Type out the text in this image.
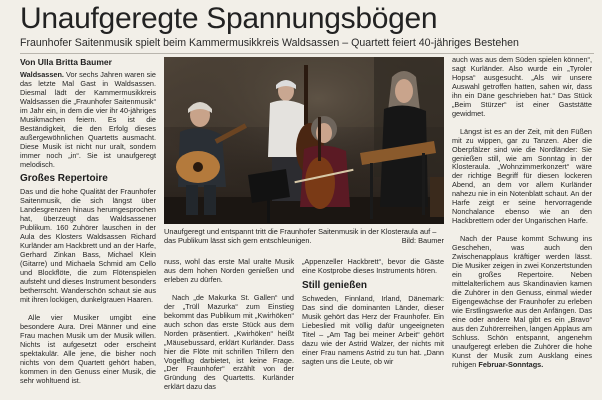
Unaufgeregte Spannungsbögen
Fraunhofer Saitenmusik spielt beim Kammermusikkreis Waldsassen – Quartett feiert 40-jähriges Bestehen
Von Ulla Britta Baumer

Waldsassen. Vor sechs Jahren waren sie das letzte Mal Gast in Waldsassen. Diesmal lädt der Kammermusikkreis Waldsassen die „Fraunhofer Saitenmusik“ im Jahr ein, in dem die vier ihr 40-jähriges Musikmachen feiern. Es ist die Beständigkeit, die den Erfolg dieses außergewöhnlichen Quartetts ausmacht. Diese Musik ist nicht nur uralt, sondern immer noch „in“. Sie ist unaufgeregt melodisch.

Großes Repertoire

Das und die hohe Qualität der Fraunhofer Saitenmusik, die sich längst über Landesgrenzen hinaus herumgesprochen hat, überzeugt das Waldsassener Publikum. 160 Zuhörer lauschen in der Aula des Klosters Waldsassen Richard Kurländer am Hackbrett und an der Harfe, Gerhard Zinkan Bass, Michael Klein (Gitarre) und Michaela Schmid am Cello und Blockflöte, die zum Flötenspielen aufsteht und dieses Instrument besonders betherrscht. Wanderschön schaut sie aus mit ihren lockigen, dunkelgrauen Haaren.

Alle vier Musiker umgibt eine besondere Aura. Drei Männer und eine Frau machen Musik um der Musik willen. Nichts ist aufgesetzt oder erscheint spektakulär. Alle jene, die bisher noch nichts von dem Quartett gehört haben, kommen in den Genuss einer Musik, die sehr wohltuend ist.

Unaufgeregt und entspannt tritt die Fraunhofer Saitenmusik in der Klosteraula auf – das Publikum lässt sich gern entschleunigen.	Bild: Baumer

nuss, wohl das erste Mal uralte Musik aus dem hohen Norden genießen und erleben zu dürfen.

Nach „de Makurka St. Gallen“ und der „Trüll Mazurka“ zum Einstieg bekommt das Publikum mit „Kwirhöken“ auch schon das erste Stück aus dem Norden präsentiert. „Kwirhöken“ heißt „Mäusebussard, erklärt Kurländer. Dass hier die Flöte mit schrillen Trillern den Vogelflug darbietet, ist keine Frage. „Der Fraunhofer“ erzählt von der Gründung des Quartetts. Kurländer erklärt dazu das

„Appenzeller Hackbrett“, bevor die Gäste eine Kostprobe dieses Instruments hören.

Still genießen

Schweden, Finnland, Irland, Dänemark: Das sind die dominanten Länder, dieser Musik gehört das Herz der Fraunhofer. Ein Liebeslied mit völlig dafür ungeeigneten Titel – „Am Tag bei meiner Arbeit“ gehört dazu wie der Astrid Walzer, der nichts mit einer Frau namens Astrid zu tun hat. „Dann sagten uns die Leute, ob wir

auch was aus dem Süden spielen können“, sagt Kurländer. Also wurde ein „Tyroler Hopsa“ ausgesucht. „Als wir unsere Auswahl getroffen hatten, sahen wir, dass ihn ein Däne geschrieben hat.“ Das Stück „Beim Stürzer“ ist einer Gaststätte gewidmet.

Längst ist es an der Zeit, mit den Füßen mit zu wippen, gar zu Tanzen. Aber die Oberpfälzer sind wie die Nordländer: Sie genießen still, wie am Sonntag in der Klosteraula. „Wohnzimmerkonzert“ wäre der richtige Begriff für diesen lockeren Abend, an dem vor allem Kurländer nahezu nie in ein Notenblatt schaut. An der Harfe zeigt er seine hervorragende Nonchalance ebenso wie an den Hackbrettern oder der Ungarischen Harfe.

Nach der Pause kommt Schwung ins Geschehen, was auch den Zwischenapplaus kräftiger werden lässt. Die Musiker zeigen in zwei Konzertstunden ein großes Repertoire. Neben mittelalterlichem aus Skandinavien kamen die Zuhörer in den Genuss, einmal wieder Eigengewächse der Fraunhofer zu erleben wie Erstlingswerke aus den Anfängen. Das eine oder andere Mal gibt es ein „Bravo“ aus den Zuhörerreihen, langen Applaus am Schluss. Schön entspannt, angenehm unaufgeregt erleben die Zuhörer die hohe Kunst der Musik zum Ausklang eines ruhigen Februar-Sonntags.
